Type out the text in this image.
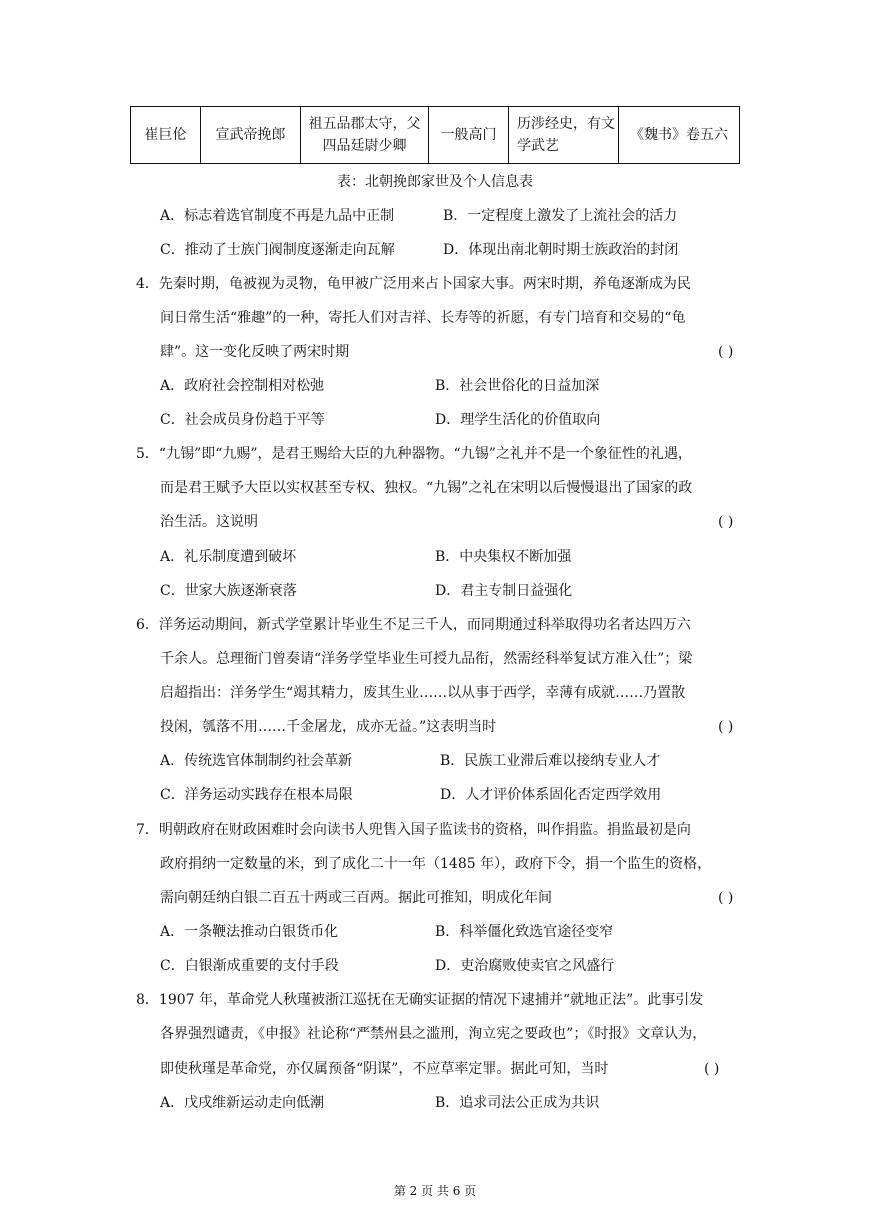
崔巨伦	宣武帝挽郎	祖五品郡太守，父四品廷尉少卿	一般高门	历涉经史，有文学武艺	《魏书》卷五六
表：北朝挽郎家世及个人信息表
A．标志着选官制度不再是九品中正制	B．一定程度上激发了上流社会的活力
C．推动了士族门阀制度逐渐走向瓦解	D．体现出南北朝时期士族政治的封闭
4．先秦时期，龟被视为灵物，龟甲被广泛用来占卜国家大事。两宋时期，养龟逐渐成为民
间日常生活“雅趣”的一种，寄托人们对吉祥、长寿等的祈愿，有专门培育和交易的“龟
肆”。这一变化反映了两宋时期	( )
A．政府社会控制相对松弛	B．社会世俗化的日益加深
C．社会成员身份趋于平等	D．理学生活化的价值取向
5．“九锡”即“九赐”，是君王赐给大臣的九种器物。“九锡”之礼并不是一个象征性的礼遇，
而是君王赋予大臣以实权甚至专权、独权。“九锡”之礼在宋明以后慢慢退出了国家的政
治生活。这说明	( )
A．礼乐制度遭到破坏	B．中央集权不断加强
C．世家大族逐渐衰落	D．君主专制日益强化
6．洋务运动期间，新式学堂累计毕业生不足三千人，而同期通过科举取得功名者达四万六
千余人。总理衙门曾奏请“洋务学堂毕业生可授九品衔，然需经科举复试方准入仕”；梁
启超指出：洋务学生“竭其精力，废其生业……以从事于西学，幸薄有成就……乃置散
投闲，瓠落不用……千金屠龙，成亦无益。”这表明当时	( )
A．传统选官体制制约社会革新	B．民族工业滞后难以接纳专业人才
C．洋务运动实践存在根本局限	D．人才评价体系固化否定西学效用
7．明朝政府在财政困难时会向读书人兜售入国子监读书的资格，叫作捐监。捐监最初是向
政府捐纳一定数量的米，到了成化二十一年（1485 年），政府下令，捐一个监生的资格，
需向朝廷纳白银二百五十两或三百两。据此可推知，明成化年间	( )
A．一条鞭法推动白银货币化	B．科举僵化致选官途径变窄
C．白银渐成重要的支付手段	D．吏治腐败使卖官之风盛行
8．1907 年，革命党人秋瑾被浙江巡抚在无确实证据的情况下逮捕并“就地正法”。此事引发
各界强烈谴责，《申报》社论称“严禁州县之滥刑，洵立宪之要政也”；《时报》文章认为，
即使秋瑾是革命党，亦仅属预备“阴谋”，不应草率定罪。据此可知，当时	( )
A．戊戌维新运动走向低潮	B．追求司法公正成为共识
第 2 页 共 6 页
